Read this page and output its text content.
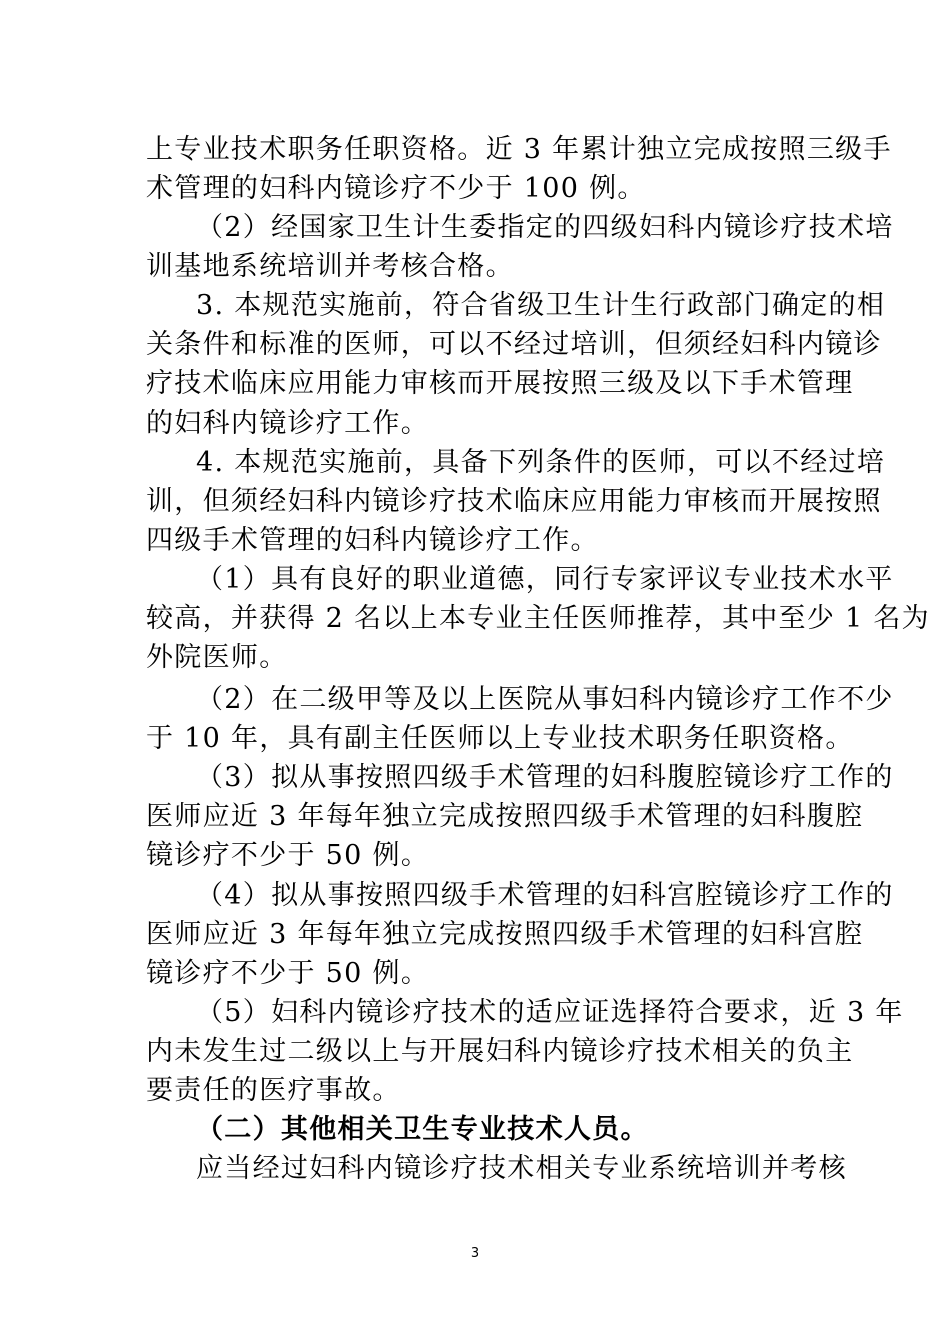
上专业技术职务任职资格。近 3 年累计独立完成按照三级手
术管理的妇科内镜诊疗不少于 100 例。
（2）经国家卫生计生委指定的四级妇科内镜诊疗技术培
训基地系统培训并考核合格。
3. 本规范实施前，符合省级卫生计生行政部门确定的相
关条件和标准的医师，可以不经过培训，但须经妇科内镜诊
疗技术临床应用能力审核而开展按照三级及以下手术管理
的妇科内镜诊疗工作。
4. 本规范实施前，具备下列条件的医师，可以不经过培
训，但须经妇科内镜诊疗技术临床应用能力审核而开展按照
四级手术管理的妇科内镜诊疗工作。
（1）具有良好的职业道德，同行专家评议专业技术水平
较高，并获得 2 名以上本专业主任医师推荐，其中至少 1 名为
外院医师。
（2）在二级甲等及以上医院从事妇科内镜诊疗工作不少
于 10 年，具有副主任医师以上专业技术职务任职资格。
（3）拟从事按照四级手术管理的妇科腹腔镜诊疗工作的
医师应近 3 年每年独立完成按照四级手术管理的妇科腹腔
镜诊疗不少于 50 例。
（4）拟从事按照四级手术管理的妇科宫腔镜诊疗工作的
医师应近 3 年每年独立完成按照四级手术管理的妇科宫腔
镜诊疗不少于 50 例。
（5）妇科内镜诊疗技术的适应证选择符合要求，近 3 年
内未发生过二级以上与开展妇科内镜诊疗技术相关的负主
要责任的医疗事故。
（二）其他相关卫生专业技术人员。
应当经过妇科内镜诊疗技术相关专业系统培训并考核
3
